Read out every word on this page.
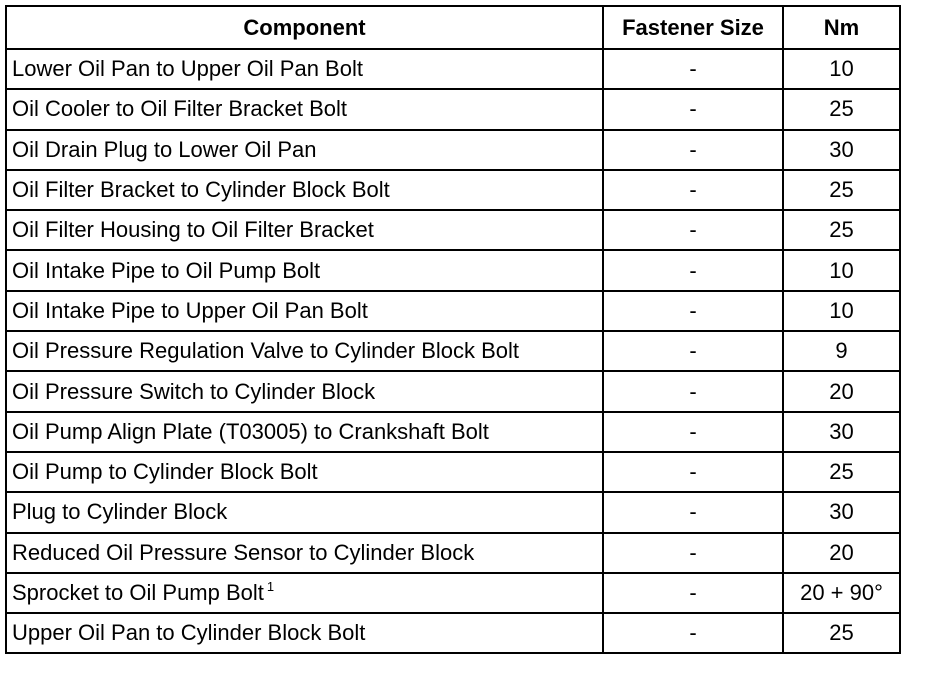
Component	Fastener Size	Nm
Lower Oil Pan to Upper Oil Pan Bolt	-	10
Oil Cooler to Oil Filter Bracket Bolt	-	25
Oil Drain Plug to Lower Oil Pan	-	30
Oil Filter Bracket to Cylinder Block Bolt	-	25
Oil Filter Housing to Oil Filter Bracket	-	25
Oil Intake Pipe to Oil Pump Bolt	-	10
Oil Intake Pipe to Upper Oil Pan Bolt	-	10
Oil Pressure Regulation Valve to Cylinder Block Bolt	-	9
Oil Pressure Switch to Cylinder Block	-	20
Oil Pump Align Plate (T03005) to Crankshaft Bolt	-	30
Oil Pump to Cylinder Block Bolt	-	25
Plug to Cylinder Block	-	30
Reduced Oil Pressure Sensor to Cylinder Block	-	20
Sprocket to Oil Pump Bolt $^1$	-	20 + 90°
Upper Oil Pan to Cylinder Block Bolt	-	25
